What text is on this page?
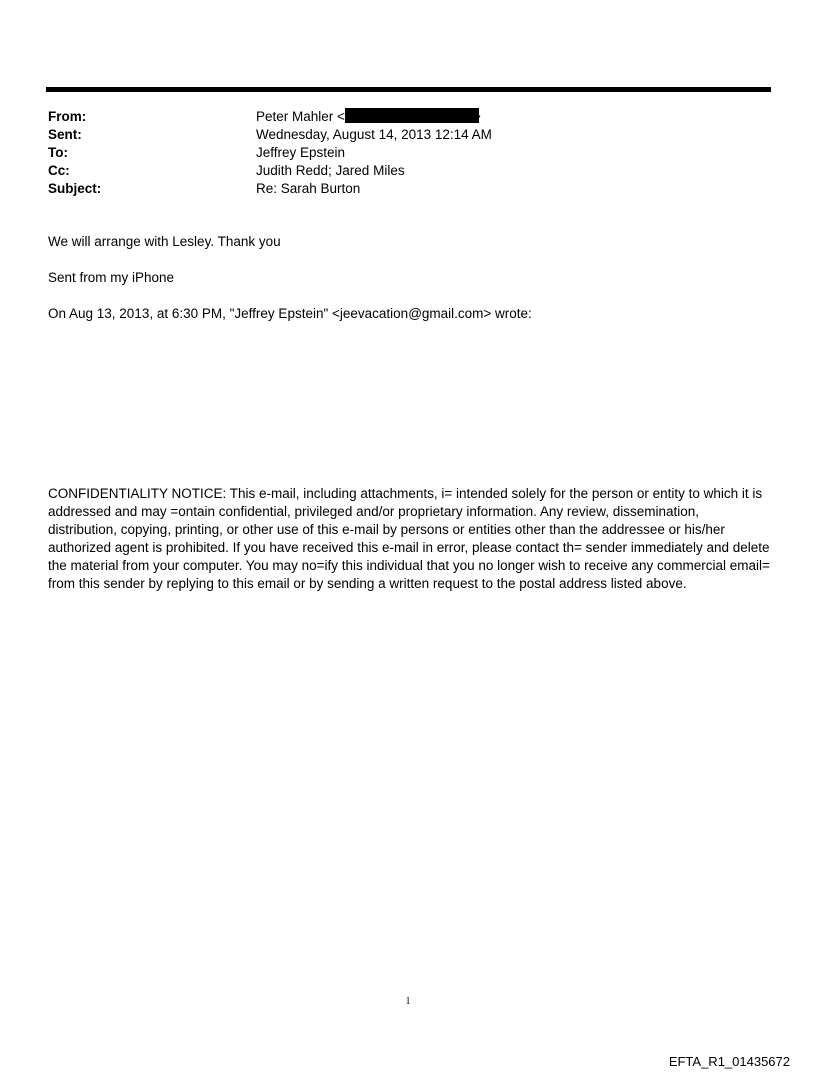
From:	Peter Mahler <	>
Sent:	Wednesday, August 14, 2013 12:14 AM
To:	Jeffrey Epstein
Cc:	Judith Redd; Jared Miles
Subject:	Re: Sarah Burton
We will arrange with Lesley. Thank you
Sent from my iPhone
On Aug 13, 2013, at 6:30 PM, "Jeffrey Epstein" <jeevacation@gmail.com> wrote:
CONFIDENTIALITY NOTICE: This e-mail, including attachments, i= intended solely for the person or entity to which it is addressed and may =ontain confidential, privileged and/or proprietary information. Any review, dissemination, distribution, copying, printing, or other use of this e-mail by persons or entities other than the addressee or his/her authorized agent is prohibited. If you have received this e-mail in error, please contact th= sender immediately and delete the material from your computer. You may no=ify this individual that you no longer wish to receive any commercial email= from this sender by replying to this email or by sending a written request to the postal address listed above.
1
EFTA_R1_01435672
